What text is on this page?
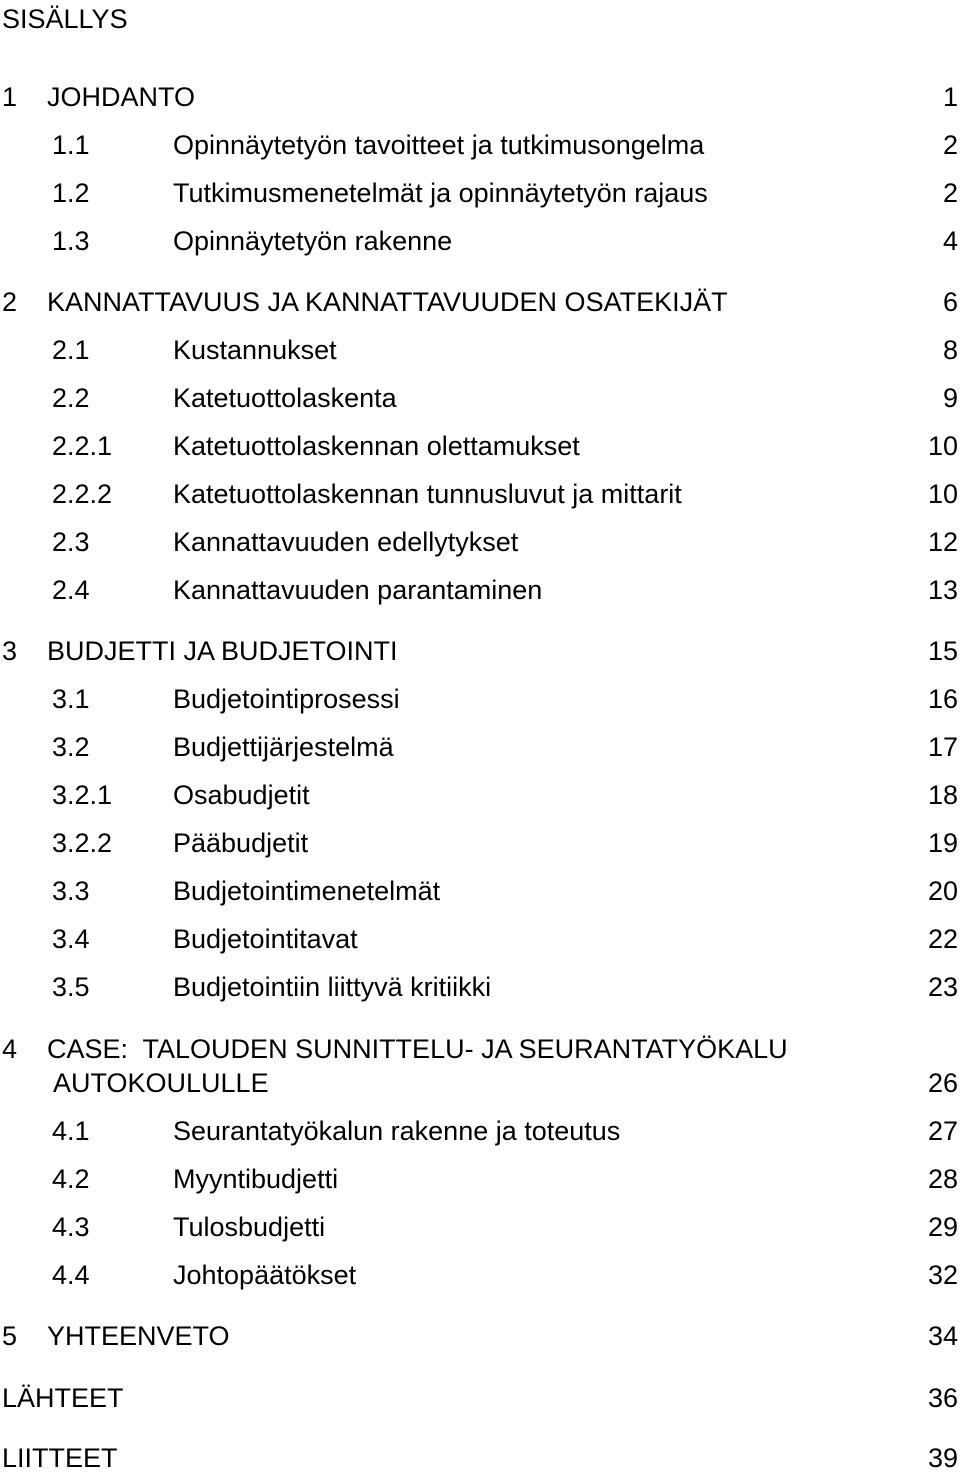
SISÄLLYS
1 JOHDANTO	1
1.1	Opinnäytetyön tavoitteet ja tutkimusongelma	2
1.2	Tutkimusmenetelmät ja opinnäytetyön rajaus	2
1.3	Opinnäytetyön rakenne	4
2 KANNATTAVUUS JA KANNATTAVUUDEN OSATEKIJÄT	6
2.1	Kustannukset	8
2.2	Katetuottolaskenta	9
2.2.1 Katetuottolaskennan olettamukset	10
2.2.2 Katetuottolaskennan tunnusluvut ja mittarit	10
2.3	Kannattavuuden edellytykset	12
2.4	Kannattavuuden parantaminen	13
3 BUDJETTI JA BUDJETOINTI	15
3.1	Budjetointiprosessi	16
3.2	Budjettijärjestelmä	17
3.2.1 Osabudjetit	18
3.2.2 Pääbudjetit	19
3.3	Budjetointimenetelmät	20
3.4	Budjetointitavat	22
3.5	Budjetointiin liittyvä kritiikki	23
4 CASE:  TALOUDEN SUNNITTELU- JA SEURANTATYÖKALU
AUTOKOULULLE	26
4.1	Seurantatyökalun rakenne ja toteutus	27
4.2	Myyntibudjetti	28
4.3	Tulosbudjetti	29
4.4	Johtopäätökset	32
5 YHTEENVETO	34
LÄHTEET	36
LIITTEET	39
